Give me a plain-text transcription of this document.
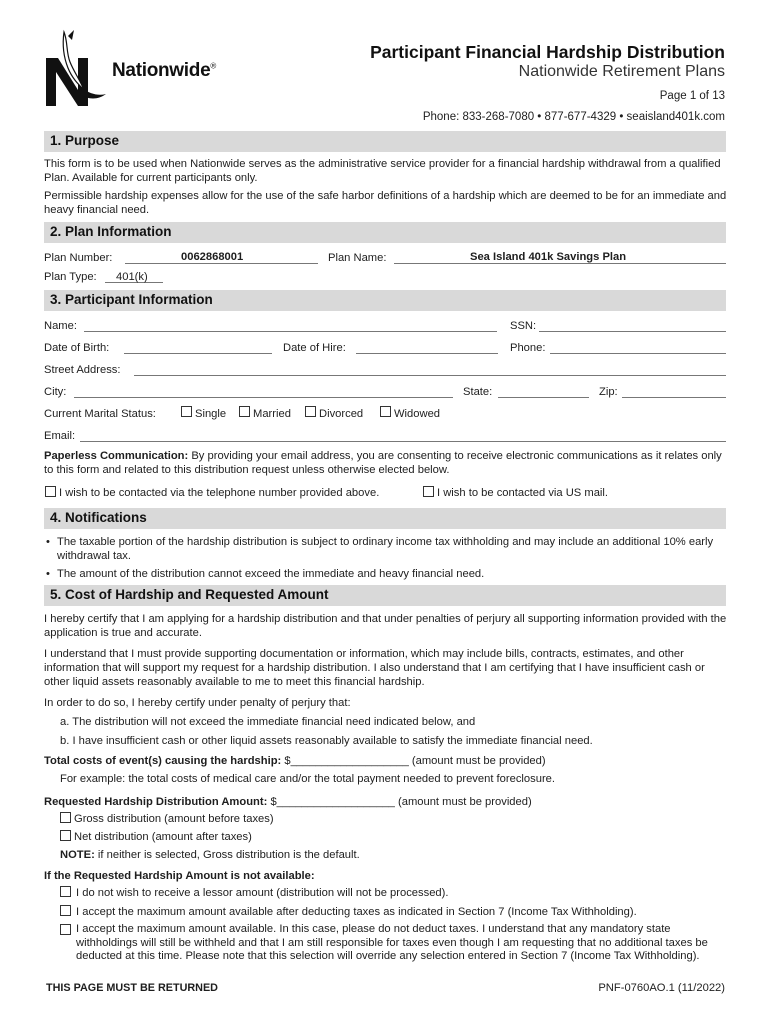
Nationwide®
Participant Financial Hardship Distribution
Nationwide Retirement Plans
Page 1 of 13
Phone: 833-268-7080 • 877-677-4329 • seaisland401k.com
1. Purpose
This form is to be used when Nationwide serves as the administrative service provider for a financial hardship withdrawal from a qualified Plan. Available for current participants only.
Permissible hardship expenses allow for the use of the safe harbor definitions of a hardship which are deemed to be for an immediate and heavy financial need.
2. Plan Information
Plan Number:	0062868001	Plan Name:	Sea Island 401k Savings Plan
Plan Type: 401(k)
3. Participant Information
Name:	SSN:
Date of Birth:	Date of Hire:	Phone:
Street Address:
City:	State:	Zip:
Current Marital Status:	Single Married	Divorced	Widowed
Email:
Paperless Communication: By providing your email address, you are consenting to receive electronic communications as it relates only to this form and related to this distribution request unless otherwise elected below.
I wish to be contacted via the telephone number provided above.	I wish to be contacted via US mail.
4. Notifications
• The taxable portion of the hardship distribution is subject to ordinary income tax withholding and may include an additional 10% early withdrawal tax.
• The amount of the distribution cannot exceed the immediate and heavy financial need.
5. Cost of Hardship and Requested Amount
I hereby certify that I am applying for a hardship distribution and that under penalties of perjury all supporting information provided with the application is true and accurate.
I understand that I must provide supporting documentation or information, which may include bills, contracts, estimates, and other information that will support my request for a hardship distribution. I also understand that I am certifying that I have insufficient cash or other liquid assets reasonably available to me to meet this financial hardship.
In order to do so, I hereby certify under penalty of perjury that:
a. The distribution will not exceed the immediate financial need indicated below, and
b. I have insufficient cash or other liquid assets reasonably available to satisfy the immediate financial need.
Total costs of event(s) causing the hardship: $___________________ (amount must be provided)
For example: the total costs of medical care and/or the total payment needed to prevent foreclosure.
Requested Hardship Distribution Amount: $___________________ (amount must be provided)
Gross distribution (amount before taxes)
Net distribution (amount after taxes)
NOTE: if neither is selected, Gross distribution is the default.
If the Requested Hardship Amount is not available:
I do not wish to receive a lessor amount (distribution will not be processed).
I accept the maximum amount available after deducting taxes as indicated in Section 7 (Income Tax Withholding).
I accept the maximum amount available. In this case, please do not deduct taxes. I understand that any mandatory state withholdings will still be withheld and that I am still responsible for taxes even though I am requesting that no additional taxes be deducted at this time. Please note that this selection will override any selection entered in Section 7 (Income Tax Withholding).
THIS PAGE MUST BE RETURNED	PNF-0760AO.1 (11/2022)
